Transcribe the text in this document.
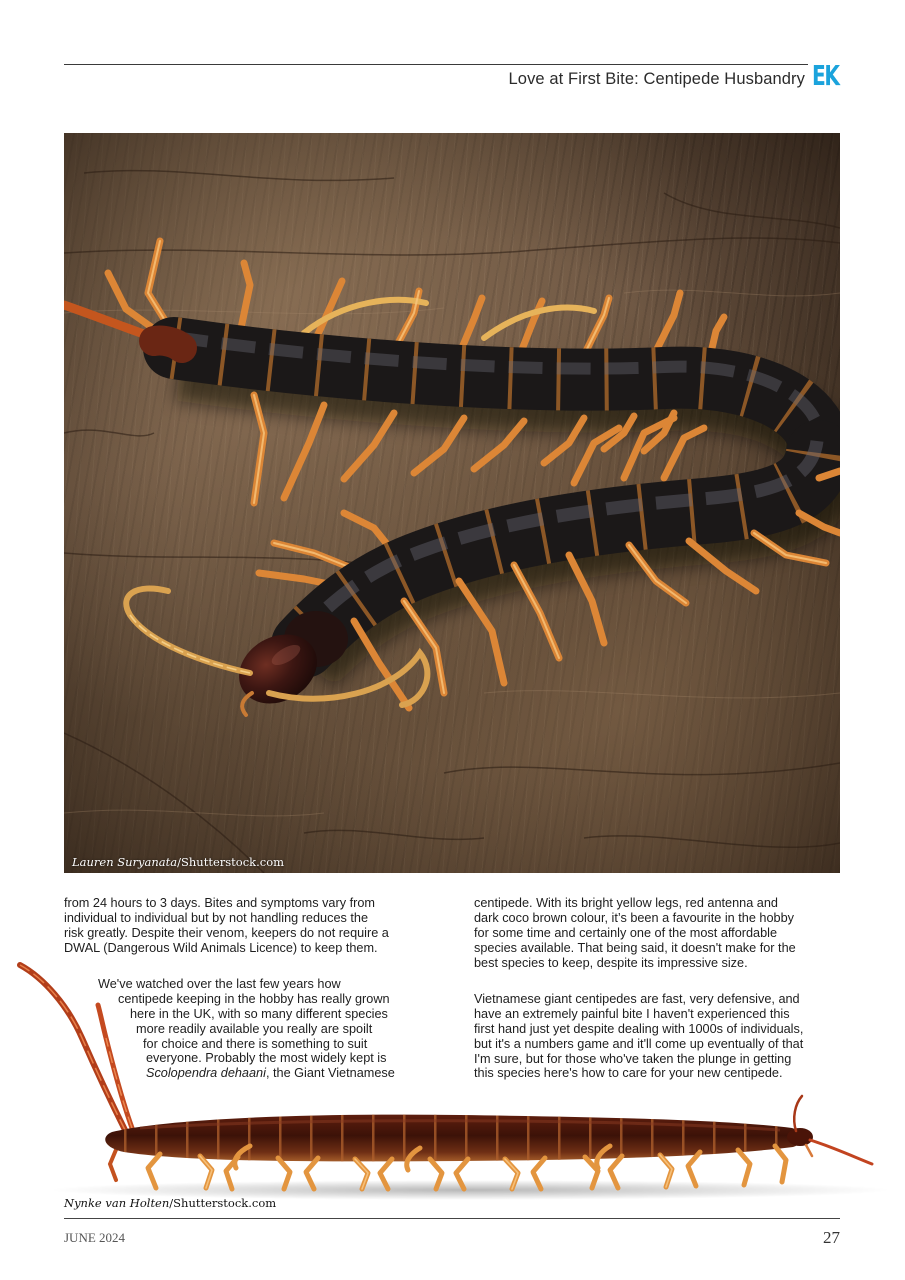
Love at First Bite: Centipede Husbandry EK
Lauren Suryanata/Shutterstock.com
from 24 hours to 3 days. Bites and symptoms vary from
individual to individual but by not handling reduces the
risk greatly. Despite their venom, keepers do not require a
DWAL (Dangerous Wild Animals Licence) to keep them.
We've watched over the last few years how
centipede keeping in the hobby has really grown
here in the UK, with so many different species
more readily available you really are spoilt
for choice and there is something to suit
everyone. Probably the most widely kept is
Scolopendra dehaani, the Giant Vietnamese
centipede. With its bright yellow legs, red antenna and
dark coco brown colour, it’s been a favourite in the hobby
for some time and certainly one of the most affordable
species available. That being said, it doesn't make for the
best species to keep, despite its impressive size.
Vietnamese giant centipedes are fast, very defensive, and
have an extremely painful bite I haven't experienced this
first hand just yet despite dealing with 1000s of individuals,
but it's a numbers game and it'll come up eventually of that
I'm sure, but for those who've taken the plunge in getting
this species here's how to care for your new centipede.
Nynke van Holten/Shutterstock.com
JUNE 2024	27
